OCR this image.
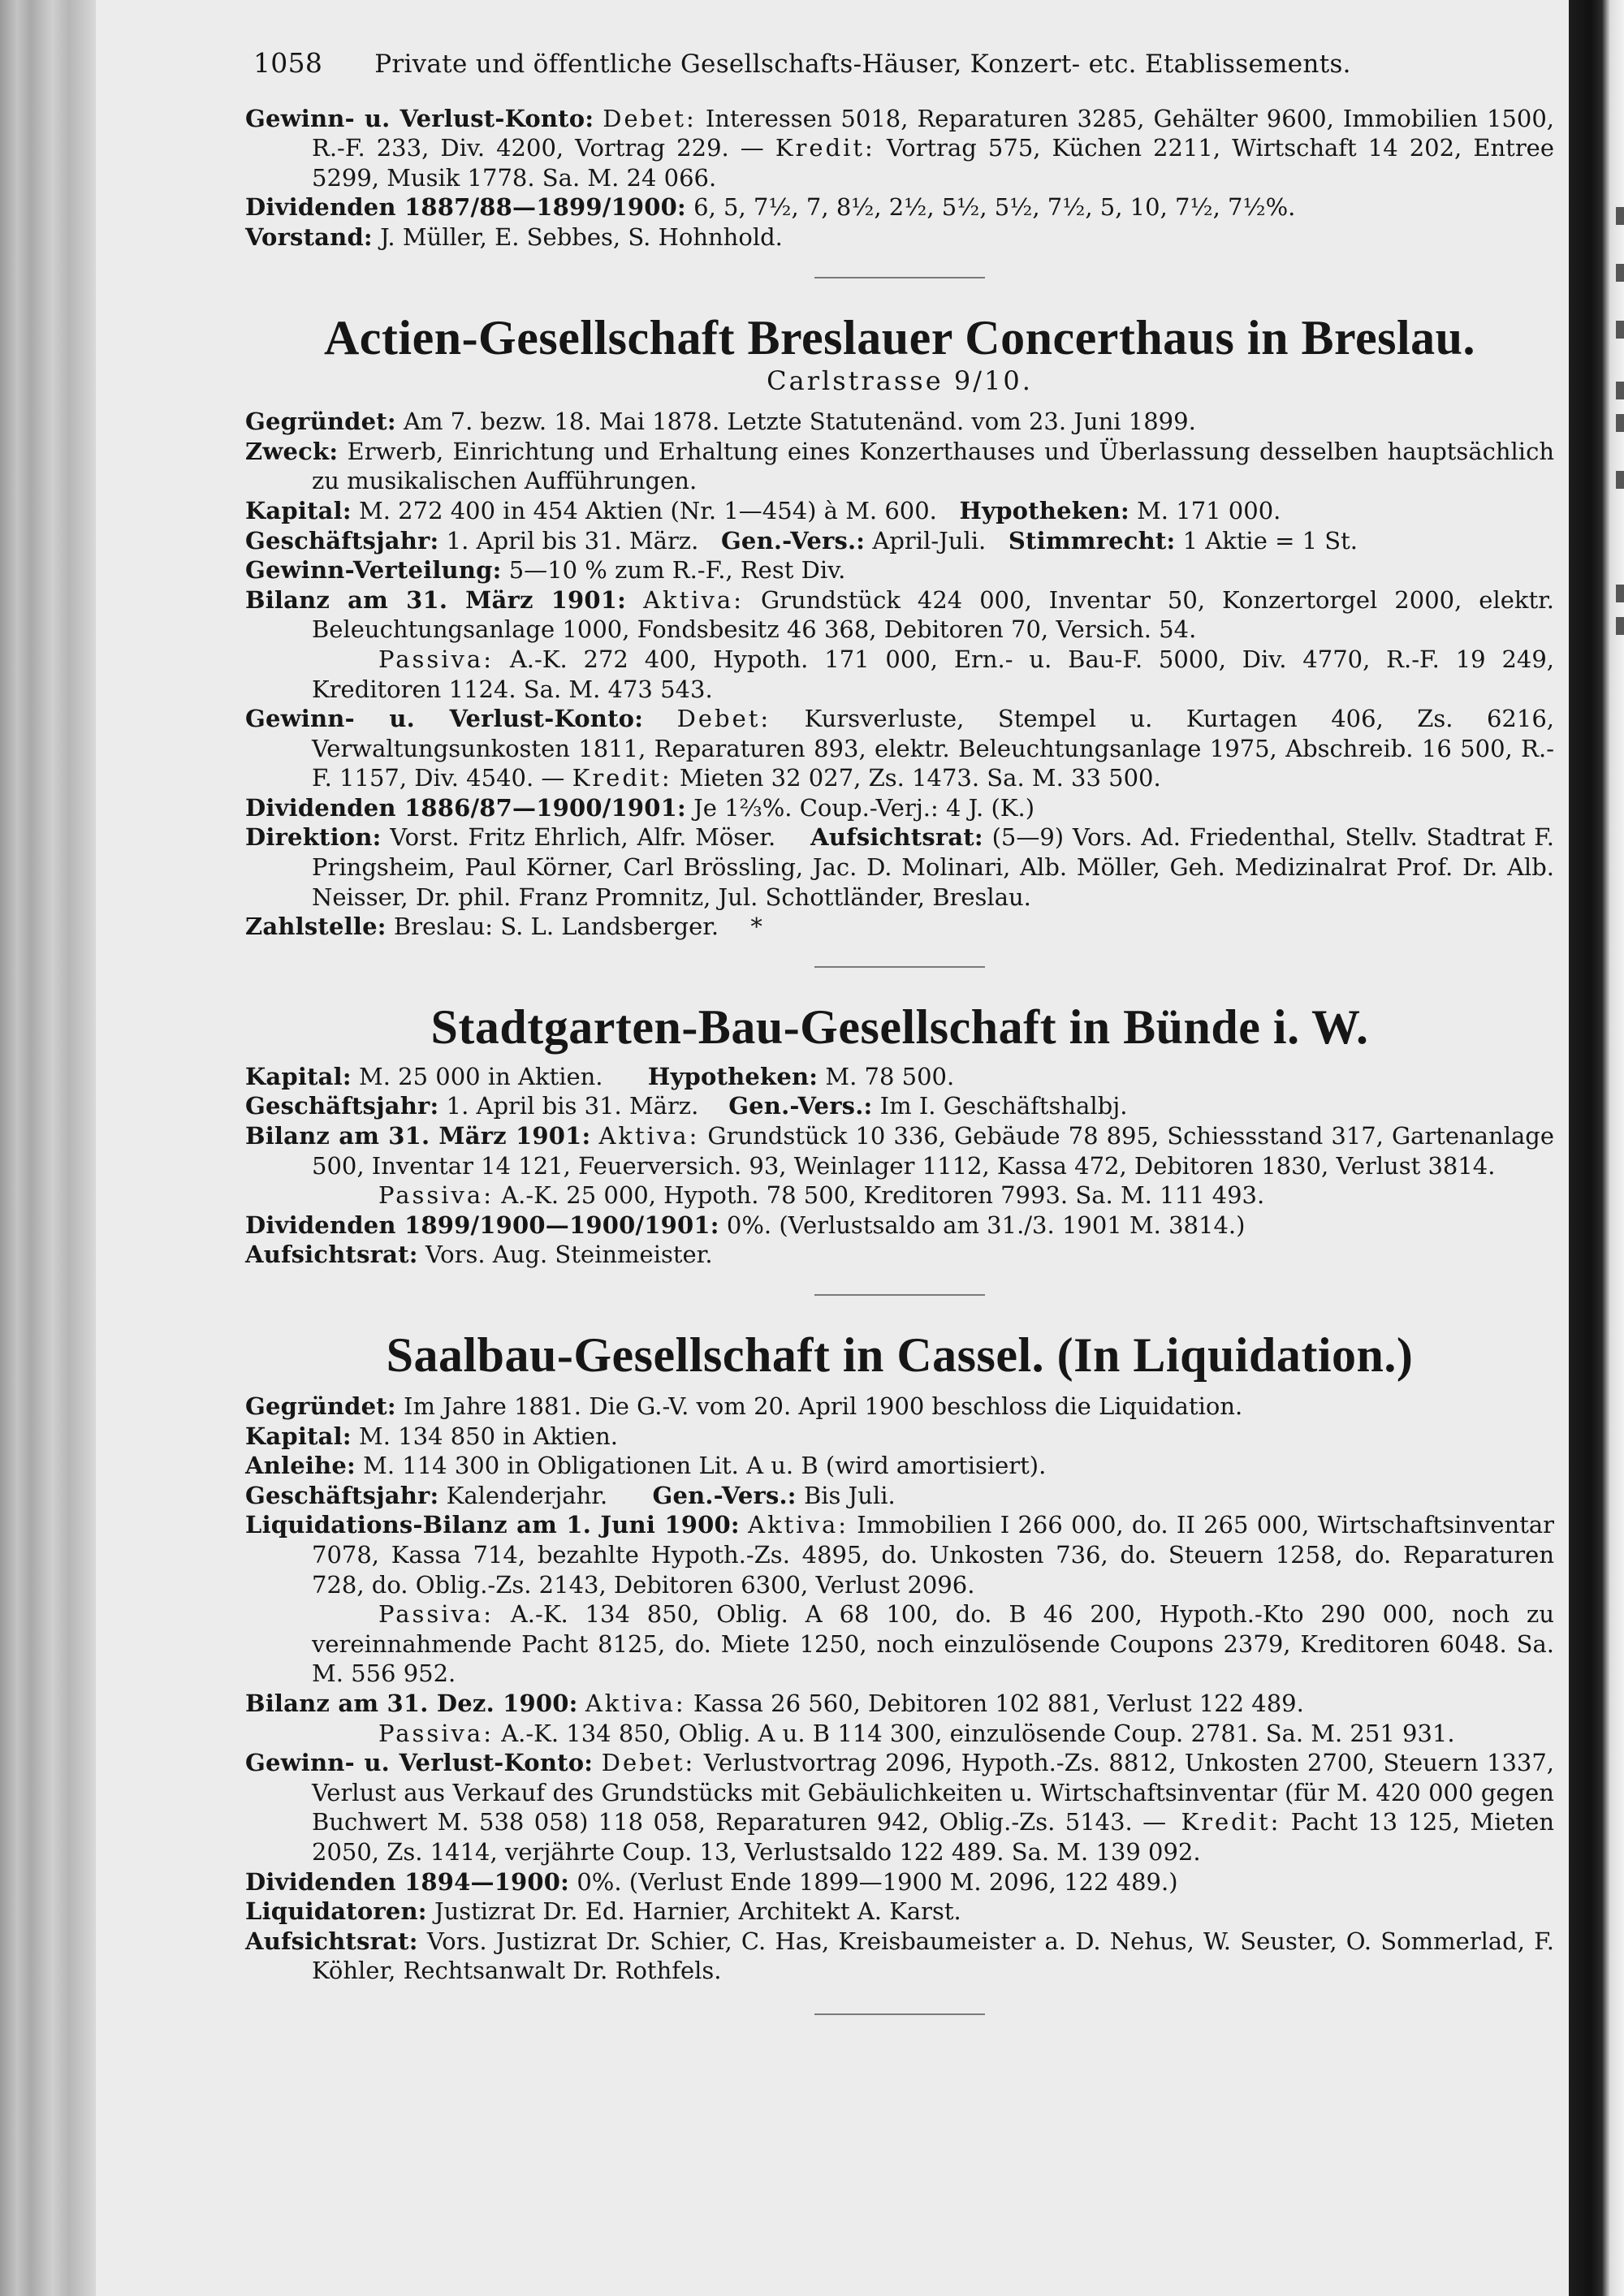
1058 Private und öffentliche Gesellschafts-Häuser, Konzert- etc. Etablissements.

Gewinn- u. Verlust-Konto: Debet: Interessen 5018, Reparaturen 3285, Gehälter 9600, Immobilien 1500, R.-F. 233, Div. 4200, Vortrag 229. — Kredit: Vortrag 575, Küchen 2211, Wirtschaft 14 202, Entree 5299, Musik 1778. Sa. M. 24 066.

Dividenden 1887/88—1899/1900: 6, 5, 7½, 7, 8½, 2½, 5½, 5½, 7½, 5, 10, 7½, 7½%.

Vorstand: J. Müller, E. Sebbes, S. Hohnhold.

Actien-Gesellschaft Breslauer Concerthaus in Breslau.
Carlstrasse 9/10.

Gegründet: Am 7. bezw. 18. Mai 1878. Letzte Statutenänd. vom 23. Juni 1899.

Zweck: Erwerb, Einrichtung und Erhaltung eines Konzerthauses und Überlassung desselben hauptsächlich zu musikalischen Aufführungen.

Kapital: M. 272 400 in 454 Aktien (Nr. 1—454) à M. 600. Hypotheken: M. 171 000.

Geschäftsjahr: 1. April bis 31. März. Gen.-Vers.: April-Juli. Stimmrecht: 1 Aktie = 1 St.

Gewinn-Verteilung: 5—10 % zum R.-F., Rest Div.

Bilanz am 31. März 1901: Aktiva: Grundstück 424 000, Inventar 50, Konzertorgel 2000, elektr. Beleuchtungsanlage 1000, Fondsbesitz 46 368, Debitoren 70, Versich. 54.

Passiva: A.-K. 272 400, Hypoth. 171 000, Ern.- u. Bau-F. 5000, Div. 4770, R.-F. 19 249, Kreditoren 1124. Sa. M. 473 543.

Gewinn- u. Verlust-Konto: Debet: Kursverluste, Stempel u. Kurtagen 406, Zs. 6216, Verwaltungsunkosten 1811, Reparaturen 893, elektr. Beleuchtungsanlage 1975, Abschreib. 16 500, R.-F. 1157, Div. 4540. — Kredit: Mieten 32 027, Zs. 1473. Sa. M. 33 500.

Dividenden 1886/87—1900/1901: Je 1⅔%. Coup.-Verj.: 4 J. (K.)

Direktion: Vorst. Fritz Ehrlich, Alfr. Möser. Aufsichtsrat: (5—9) Vors. Ad. Friedenthal, Stellv. Stadtrat F. Pringsheim, Paul Körner, Carl Brössling, Jac. D. Molinari, Alb. Möller, Geh. Medizinalrat Prof. Dr. Alb. Neisser, Dr. phil. Franz Promnitz, Jul. Schottländer, Breslau.

Zahlstelle: Breslau: S. L. Landsberger. *

Stadtgarten-Bau-Gesellschaft in Bünde i. W.

Kapital: M. 25 000 in Aktien. Hypotheken: M. 78 500.

Geschäftsjahr: 1. April bis 31. März. Gen.-Vers.: Im I. Geschäftshalbj.

Bilanz am 31. März 1901: Aktiva: Grundstück 10 336, Gebäude 78 895, Schiessstand 317, Gartenanlage 500, Inventar 14 121, Feuerversich. 93, Weinlager 1112, Kassa 472, Debitoren 1830, Verlust 3814.

Passiva: A.-K. 25 000, Hypoth. 78 500, Kreditoren 7993. Sa. M. 111 493.

Dividenden 1899/1900—1900/1901: 0%. (Verlustsaldo am 31./3. 1901 M. 3814.)

Aufsichtsrat: Vors. Aug. Steinmeister.

Saalbau-Gesellschaft in Cassel. (In Liquidation.)

Gegründet: Im Jahre 1881. Die G.-V. vom 20. April 1900 beschloss die Liquidation.

Kapital: M. 134 850 in Aktien.

Anleihe: M. 114 300 in Obligationen Lit. A u. B (wird amortisiert).

Geschäftsjahr: Kalenderjahr. Gen.-Vers.: Bis Juli.

Liquidations-Bilanz am 1. Juni 1900: Aktiva: Immobilien I 266 000, do. II 265 000, Wirtschaftsinventar 7078, Kassa 714, bezahlte Hypoth.-Zs. 4895, do. Unkosten 736, do. Steuern 1258, do. Reparaturen 728, do. Oblig.-Zs. 2143, Debitoren 6300, Verlust 2096.

Passiva: A.-K. 134 850, Oblig. A 68 100, do. B 46 200, Hypoth.-Kto 290 000, noch zu vereinnahmende Pacht 8125, do. Miete 1250, noch einzulösende Coupons 2379, Kreditoren 6048. Sa. M. 556 952.

Bilanz am 31. Dez. 1900: Aktiva: Kassa 26 560, Debitoren 102 881, Verlust 122 489.

Passiva: A.-K. 134 850, Oblig. A u. B 114 300, einzulösende Coup. 2781. Sa. M. 251 931.

Gewinn- u. Verlust-Konto: Debet: Verlustvortrag 2096, Hypoth.-Zs. 8812, Unkosten 2700, Steuern 1337, Verlust aus Verkauf des Grundstücks mit Gebäulichkeiten u. Wirtschaftsinventar (für M. 420 000 gegen Buchwert M. 538 058) 118 058, Reparaturen 942, Oblig.-Zs. 5143. — Kredit: Pacht 13 125, Mieten 2050, Zs. 1414, verjährte Coup. 13, Verlustsaldo 122 489. Sa. M. 139 092.

Dividenden 1894—1900: 0%. (Verlust Ende 1899—1900 M. 2096, 122 489.)

Liquidatoren: Justizrat Dr. Ed. Harnier, Architekt A. Karst.

Aufsichtsrat: Vors. Justizrat Dr. Schier, C. Has, Kreisbaumeister a. D. Nehus, W. Seuster, O. Sommerlad, F. Köhler, Rechtsanwalt Dr. Rothfels.
